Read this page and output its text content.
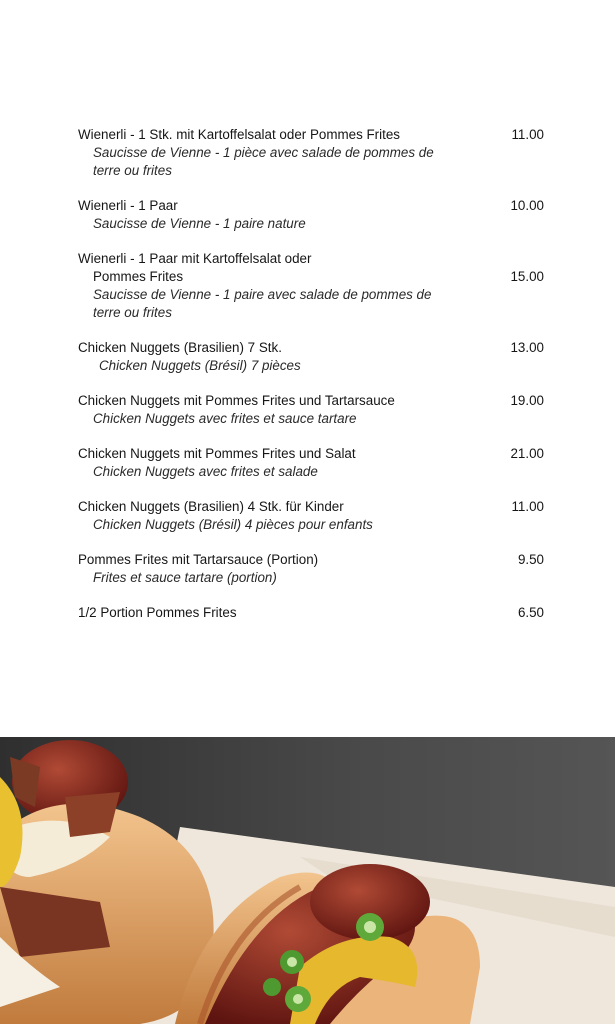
Wienerli - 1 Stk. mit Kartoffelsalat oder Pommes Frites
Saucisse de Vienne - 1 pièce avec salade de pommes de terre ou frites
11.00
Wienerli - 1 Paar
Saucisse de Vienne - 1 paire nature
10.00
Wienerli - 1 Paar mit Kartoffelsalat oder
Pommes Frites
Saucisse de Vienne - 1 paire avec salade de pommes de terre ou frites
15.00
Chicken Nuggets (Brasilien) 7 Stk.
Chicken Nuggets (Brésil) 7 pièces
13.00
Chicken Nuggets mit Pommes Frites und Tartarsauce
Chicken Nuggets avec frites et sauce tartare
19.00
Chicken Nuggets mit Pommes Frites und Salat
Chicken Nuggets avec frites et salade
21.00
Chicken Nuggets (Brasilien) 4 Stk. für Kinder
Chicken Nuggets (Brésil) 4 pièces pour enfants
11.00
Pommes Frites mit Tartarsauce (Portion)
Frites et sauce tartare (portion)
9.50
1/2 Portion Pommes Frites	6.50
